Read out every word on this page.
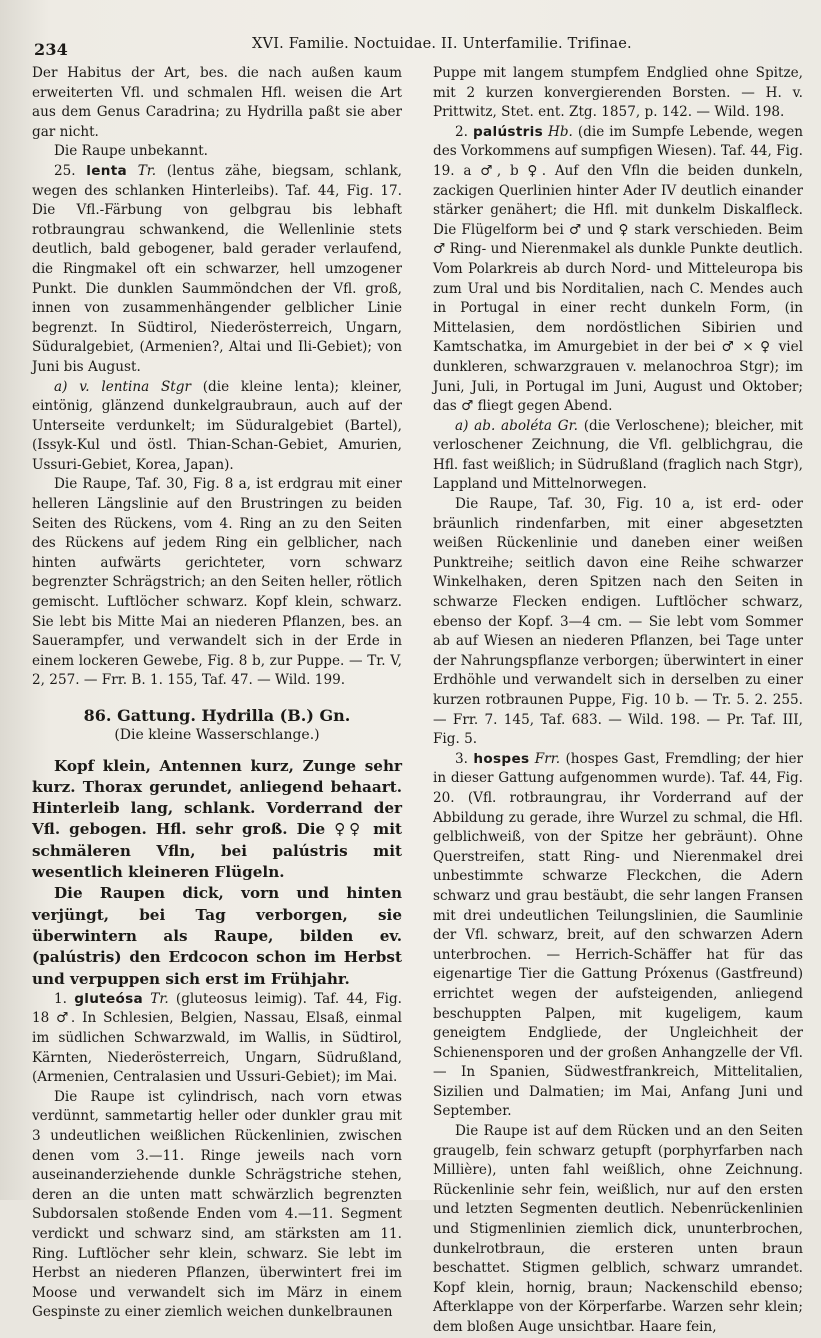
234	XVI. Familie. Noctuidae. II. Unterfamilie. Trifinae.

Der Habitus der Art, bes. die nach außen kaum erweiterten Vfl. und schmalen Hfl. weisen die Art aus dem Genus Caradrina; zu Hydrilla paßt sie aber gar nicht.

Die Raupe unbekannt.

25. lenta Tr. (lentus zähe, biegsam, schlank, wegen des schlanken Hinterleibs). Taf. 44, Fig. 17. Die Vfl.-Färbung von gelbgrau bis lebhaft rotbraungrau schwankend, die Wellenlinie stets deutlich, bald gebogener, bald gerader verlaufend, die Ringmakel oft ein schwarzer, hell umzogener Punkt. Die dunklen Saummöndchen der Vfl. groß, innen von zusammenhängender gelblicher Linie begrenzt. In Südtirol, Niederösterreich, Ungarn, Süduralgebiet, (Armenien?, Altai und Ili-Gebiet); von Juni bis August.

a) v. lentina Stgr (die kleine lenta); kleiner, eintönig, glänzend dunkelgraubraun, auch auf der Unterseite verdunkelt; im Süduralgebiet (Bartel), (Issyk-Kul und östl. Thian-Schan-Gebiet, Amurien, Ussuri-Gebiet, Korea, Japan).

Die Raupe, Taf. 30, Fig. 8 a, ist erdgrau mit einer helleren Längslinie auf den Brustringen zu beiden Seiten des Rückens, vom 4. Ring an zu den Seiten des Rückens auf jedem Ring ein gelblicher, nach hinten aufwärts gerichteter, vorn schwarz begrenzter Schrägstrich; an den Seiten heller, rötlich gemischt. Luftlöcher schwarz. Kopf klein, schwarz. Sie lebt bis Mitte Mai an niederen Pflanzen, bes. an Sauerampfer, und verwandelt sich in der Erde in einem lockeren Gewebe, Fig. 8 b, zur Puppe. — Tr. V, 2, 257. — Frr. B. 1. 155, Taf. 47. — Wild. 199.

86. Gattung. Hydrilla (B.) Gn.
(Die kleine Wasserschlange.)

Kopf klein, Antennen kurz, Zunge sehr kurz. Thorax gerundet, anliegend behaart. Hinterleib lang, schlank. Vorderrand der Vfl. gebogen. Hfl. sehr groß. Die ♀♀ mit schmäleren Vfln, bei palústris mit wesentlich kleineren Flügeln.

Die Raupen dick, vorn und hinten verjüngt, bei Tag verborgen, sie überwintern als Raupe, bilden ev. (palústris) den Erdcocon schon im Herbst und verpuppen sich erst im Frühjahr.

1. gluteósa Tr. (gluteosus leimig). Taf. 44, Fig. 18 ♂. In Schlesien, Belgien, Nassau, Elsaß, einmal im südlichen Schwarzwald, im Wallis, in Südtirol, Kärnten, Niederösterreich, Ungarn, Südrußland, (Armenien, Centralasien und Ussuri-Gebiet); im Mai.

Die Raupe ist cylindrisch, nach vorn etwas verdünnt, sammetartig heller oder dunkler grau mit 3 undeutlichen weißlichen Rückenlinien, zwischen denen vom 3.—11. Ringe jeweils nach vorn auseinanderziehende dunkle Schrägstriche stehen, deren an die unten matt schwärzlich begrenzten Subdorsalen stoßende Enden vom 4.—11. Segment verdickt und schwarz sind, am stärksten am 11. Ring. Luftlöcher sehr klein, schwarz. Sie lebt im Herbst an niederen Pflanzen, überwintert frei im Moose und verwandelt sich im März in einem Gespinste zu einer ziemlich weichen dunkelbraunen

Puppe mit langem stumpfem Endglied ohne Spitze, mit 2 kurzen konvergierenden Borsten. — H. v. Prittwitz, Stet. ent. Ztg. 1857, p. 142. — Wild. 198.

2. palústris Hb. (die im Sumpfe Lebende, wegen des Vorkommens auf sumpfigen Wiesen). Taf. 44, Fig. 19. a ♂, b ♀. Auf den Vfln die beiden dunkeln, zackigen Querlinien hinter Ader IV deutlich einander stärker genähert; die Hfl. mit dunkelm Diskalfleck. Die Flügelform bei ♂ und ♀ stark verschieden. Beim ♂ Ring- und Nierenmakel als dunkle Punkte deutlich. Vom Polarkreis ab durch Nord- und Mitteleuropa bis zum Ural und bis Norditalien, nach C. Mendes auch in Portugal in einer recht dunkeln Form, (in Mittelasien, dem nordöstlichen Sibirien und Kamtschatka, im Amurgebiet in der bei ♂ × ♀ viel dunkleren, schwarzgrauen v. melanochroa Stgr); im Juni, Juli, in Portugal im Juni, August und Oktober; das ♂ fliegt gegen Abend.

a) ab. aboléta Gr. (die Verloschene); bleicher, mit verloschener Zeichnung, die Vfl. gelblichgrau, die Hfl. fast weißlich; in Südrußland (fraglich nach Stgr), Lappland und Mittelnorwegen.

Die Raupe, Taf. 30, Fig. 10 a, ist erd- oder bräunlich rindenfarben, mit einer abgesetzten weißen Rückenlinie und daneben einer weißen Punktreihe; seitlich davon eine Reihe schwarzer Winkelhaken, deren Spitzen nach den Seiten in schwarze Flecken endigen. Luftlöcher schwarz, ebenso der Kopf. 3—4 cm. — Sie lebt vom Sommer ab auf Wiesen an niederen Pflanzen, bei Tage unter der Nahrungspflanze verborgen; überwintert in einer Erdhöhle und verwandelt sich in derselben zu einer kurzen rotbraunen Puppe, Fig. 10 b. — Tr. 5. 2. 255. — Frr. 7. 145, Taf. 683. — Wild. 198. — Pr. Taf. III, Fig. 5.

3. hospes Frr. (hospes Gast, Fremdling; der hier in dieser Gattung aufgenommen wurde). Taf. 44, Fig. 20. (Vfl. rotbraungrau, ihr Vorderrand auf der Abbildung zu gerade, ihre Wurzel zu schmal, die Hfl. gelblichweiß, von der Spitze her gebräunt). Ohne Querstreifen, statt Ring- und Nierenmakel drei unbestimmte schwarze Fleckchen, die Adern schwarz und grau bestäubt, die sehr langen Fransen mit drei undeutlichen Teilungslinien, die Saumlinie der Vfl. schwarz, breit, auf den schwarzen Adern unterbrochen. — Herrich-Schäffer hat für das eigenartige Tier die Gattung Próxenus (Gastfreund) errichtet wegen der aufsteigenden, anliegend beschuppten Palpen, mit kugeligem, kaum geneigtem Endgliede, der Ungleichheit der Schienensporen und der großen Anhangzelle der Vfl. — In Spanien, Südwestfrankreich, Mittelitalien, Sizilien und Dalmatien; im Mai, Anfang Juni und September.

Die Raupe ist auf dem Rücken und an den Seiten graugelb, fein schwarz getupft (porphyrfarben nach Millière), unten fahl weißlich, ohne Zeichnung. Rückenlinie sehr fein, weißlich, nur auf den ersten und letzten Segmenten deutlich. Nebenrückenlinien und Stigmenlinien ziemlich dick, ununterbrochen, dunkelrotbraun, die ersteren unten braun beschattet. Stigmen gelblich, schwarz umrandet. Kopf klein, hornig, braun; Nackenschild ebenso; Afterklappe von der Körperfarbe. Warzen sehr klein; dem bloßen Auge unsichtbar. Haare fein,
